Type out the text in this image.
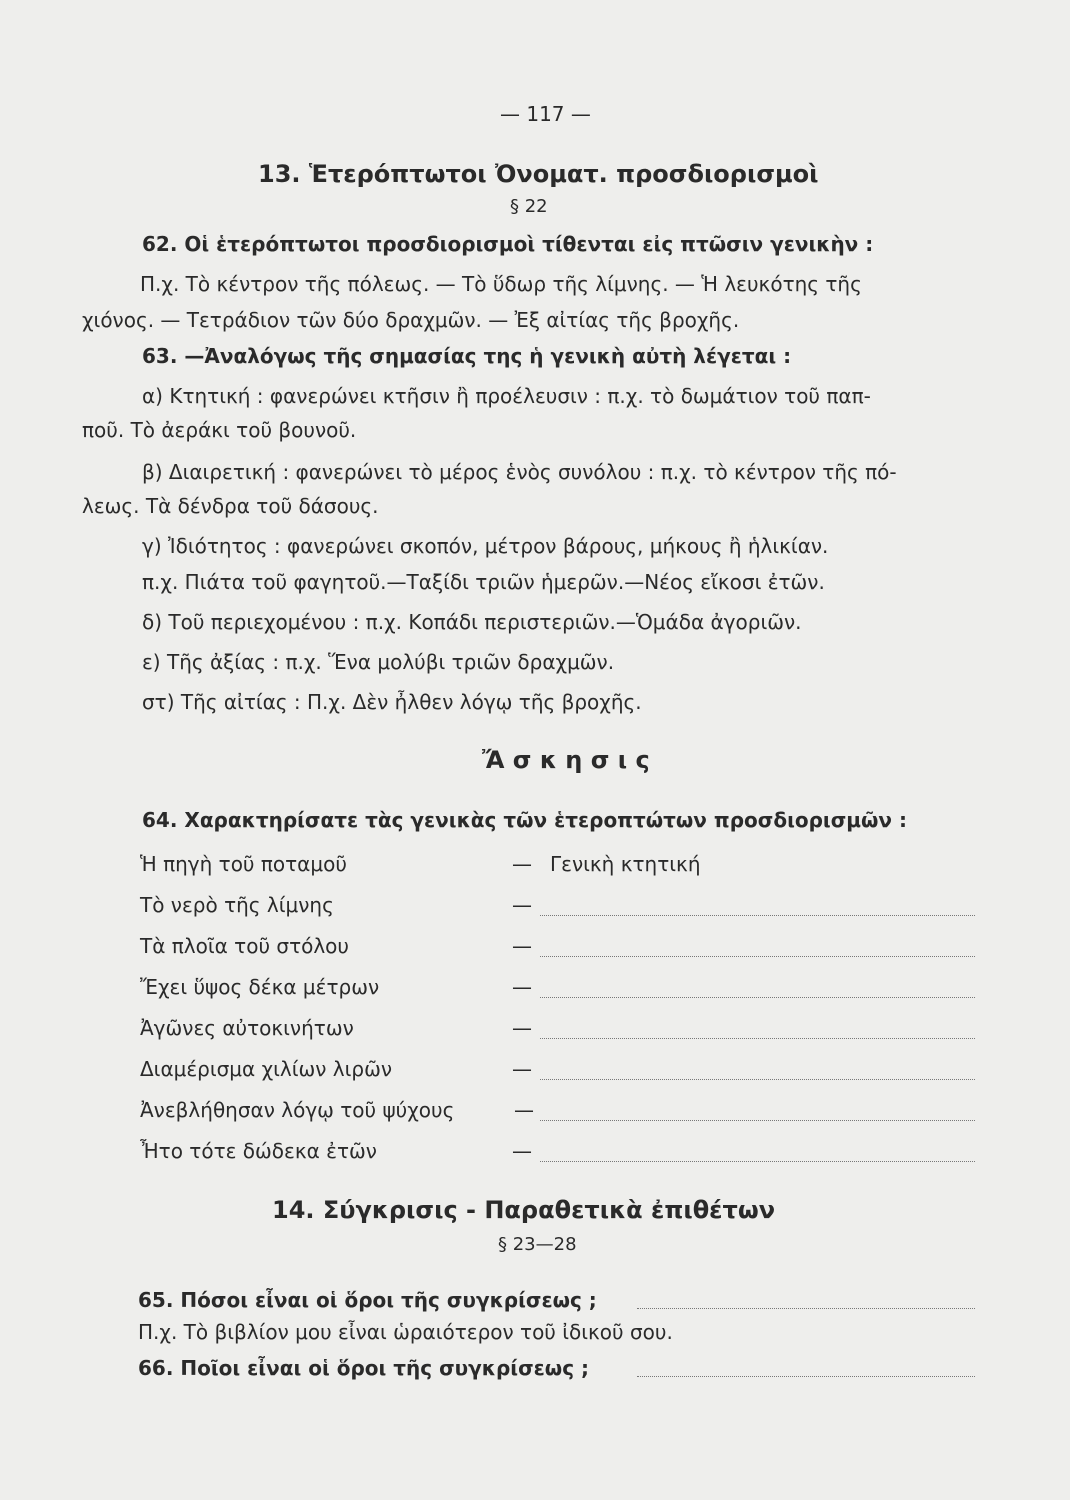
— 117 —
13. Ἑτερόπτωτοι Ὀνοματ. προσδιορισμοὶ
§ 22
62. Οἱ ἑτερόπτωτοι προσδιορισμοὶ τίθενται εἰς πτῶσιν γενικὴν :
Π.χ. Τὸ κέντρον τῆς πόλεως. — Τὸ ὕδωρ τῆς λίμνης. — Ἡ λευκότης τῆς
χιόνος. — Τετράδιον τῶν δύο δραχμῶν. — Ἐξ αἰτίας τῆς βροχῆς.
63. —Ἀναλόγως τῆς σημασίας της ἡ γενικὴ αὐτὴ λέγεται :
α) Κτητική : φανερώνει κτῆσιν ἢ προέλευσιν : π.χ. τὸ δωμάτιον τοῦ παπ-
ποῦ. Τὸ ἀεράκι τοῦ βουνοῦ.
β) Διαιρετική : φανερώνει τὸ μέρος ἑνὸς συνόλου : π.χ. τὸ κέντρον τῆς πό-
λεως. Τὰ δένδρα τοῦ δάσους.
γ) Ἰδιότητος : φανερώνει σκοπόν, μέτρον βάρους, μήκους ἢ ἡλικίαν.
π.χ. Πιάτα τοῦ φαγητοῦ.—Ταξίδι τριῶν ἡμερῶν.—Νέος εἴκοσι ἐτῶν.
δ) Τοῦ περιεχομένου : π.χ. Κοπάδι περιστεριῶν.—Ὁμάδα ἀγοριῶν.
ε) Τῆς ἀξίας : π.χ. Ἕνα μολύβι τριῶν δραχμῶν.
στ) Τῆς αἰτίας : Π.χ. Δὲν ἦλθεν λόγῳ τῆς βροχῆς.
Ἄ σ κ η σ ι ς
64. Χαρακτηρίσατε τὰς γενικὰς τῶν ἑτεροπτώτων προσδιορισμῶν :
Ἡ πηγὴ τοῦ ποταμοῦ	— Γενικὴ κτητική
Τὸ νερὸ τῆς λίμνης	—
Τὰ πλοῖα τοῦ στόλου	—
Ἔχει ὕψος δέκα μέτρων	—
Ἀγῶνες αὐτοκινήτων	—
Διαμέρισμα χιλίων λιρῶν	—
Ἀνεβλήθησαν λόγῳ τοῦ ψύχους	—
Ἦτο τότε δώδεκα ἐτῶν	—
14. Σύγκρισις - Παραθετικὰ ἐπιθέτων
§ 23—28
65. Πόσοι εἶναι οἱ ὅροι τῆς συγκρίσεως ;
Π.χ. Τὸ βιβλίον μου εἶναι ὡραιότερον τοῦ ἰδικοῦ σου.
66. Ποῖοι εἶναι οἱ ὅροι τῆς συγκρίσεως ;
